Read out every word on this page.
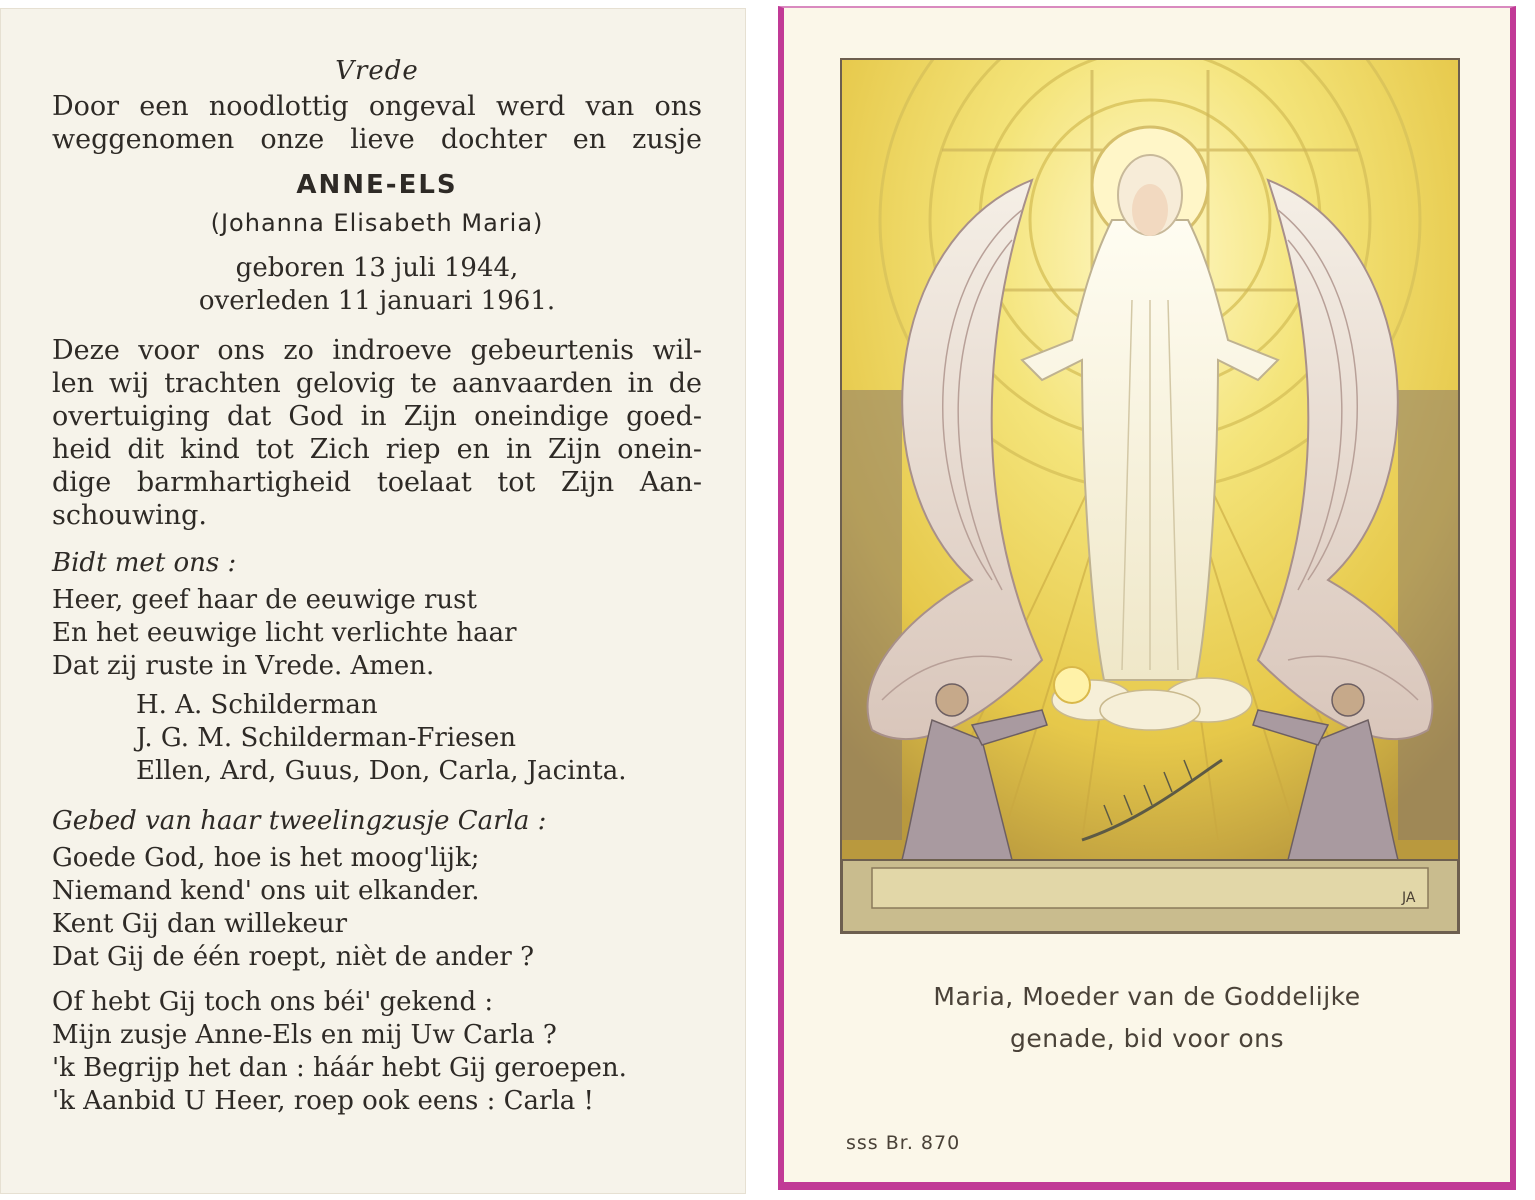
Vrede
Door een noodlottig ongeval werd van ons
weggenomen onze lieve dochter en zusje
ANNE-ELS
(Johanna Elisabeth Maria)
geboren 13 juli 1944,
overleden 11 januari 1961.
Deze voor ons zo indroeve gebeurtenis wil-
len wij trachten gelovig te aanvaarden in de
overtuiging dat God in Zijn oneindige goed-
heid dit kind tot Zich riep en in Zijn onein-
dige barmhartigheid toelaat tot Zijn Aan-
schouwing.
Bidt met ons :
Heer, geef haar de eeuwige rust
En het eeuwige licht verlichte haar
Dat zij ruste in Vrede. Amen.
H. A. Schilderman
J. G. M. Schilderman-Friesen
Ellen, Ard, Guus, Don, Carla, Jacinta.
Gebed van haar tweelingzusje Carla :
Goede God, hoe is het moog'lijk;
Niemand kend' ons uit elkander.
Kent Gij dan willekeur
Dat Gij de één roept, nièt de ander ?
Of hebt Gij toch ons béi' gekend :
Mijn zusje Anne-Els en mij Uw Carla ?
'k Begrijp het dan : háár hebt Gij geroepen.
'k Aanbid U Heer, roep ook eens : Carla !
JA
Maria, Moeder van de Goddelijke
genade, bid voor ons
sss Br. 870
